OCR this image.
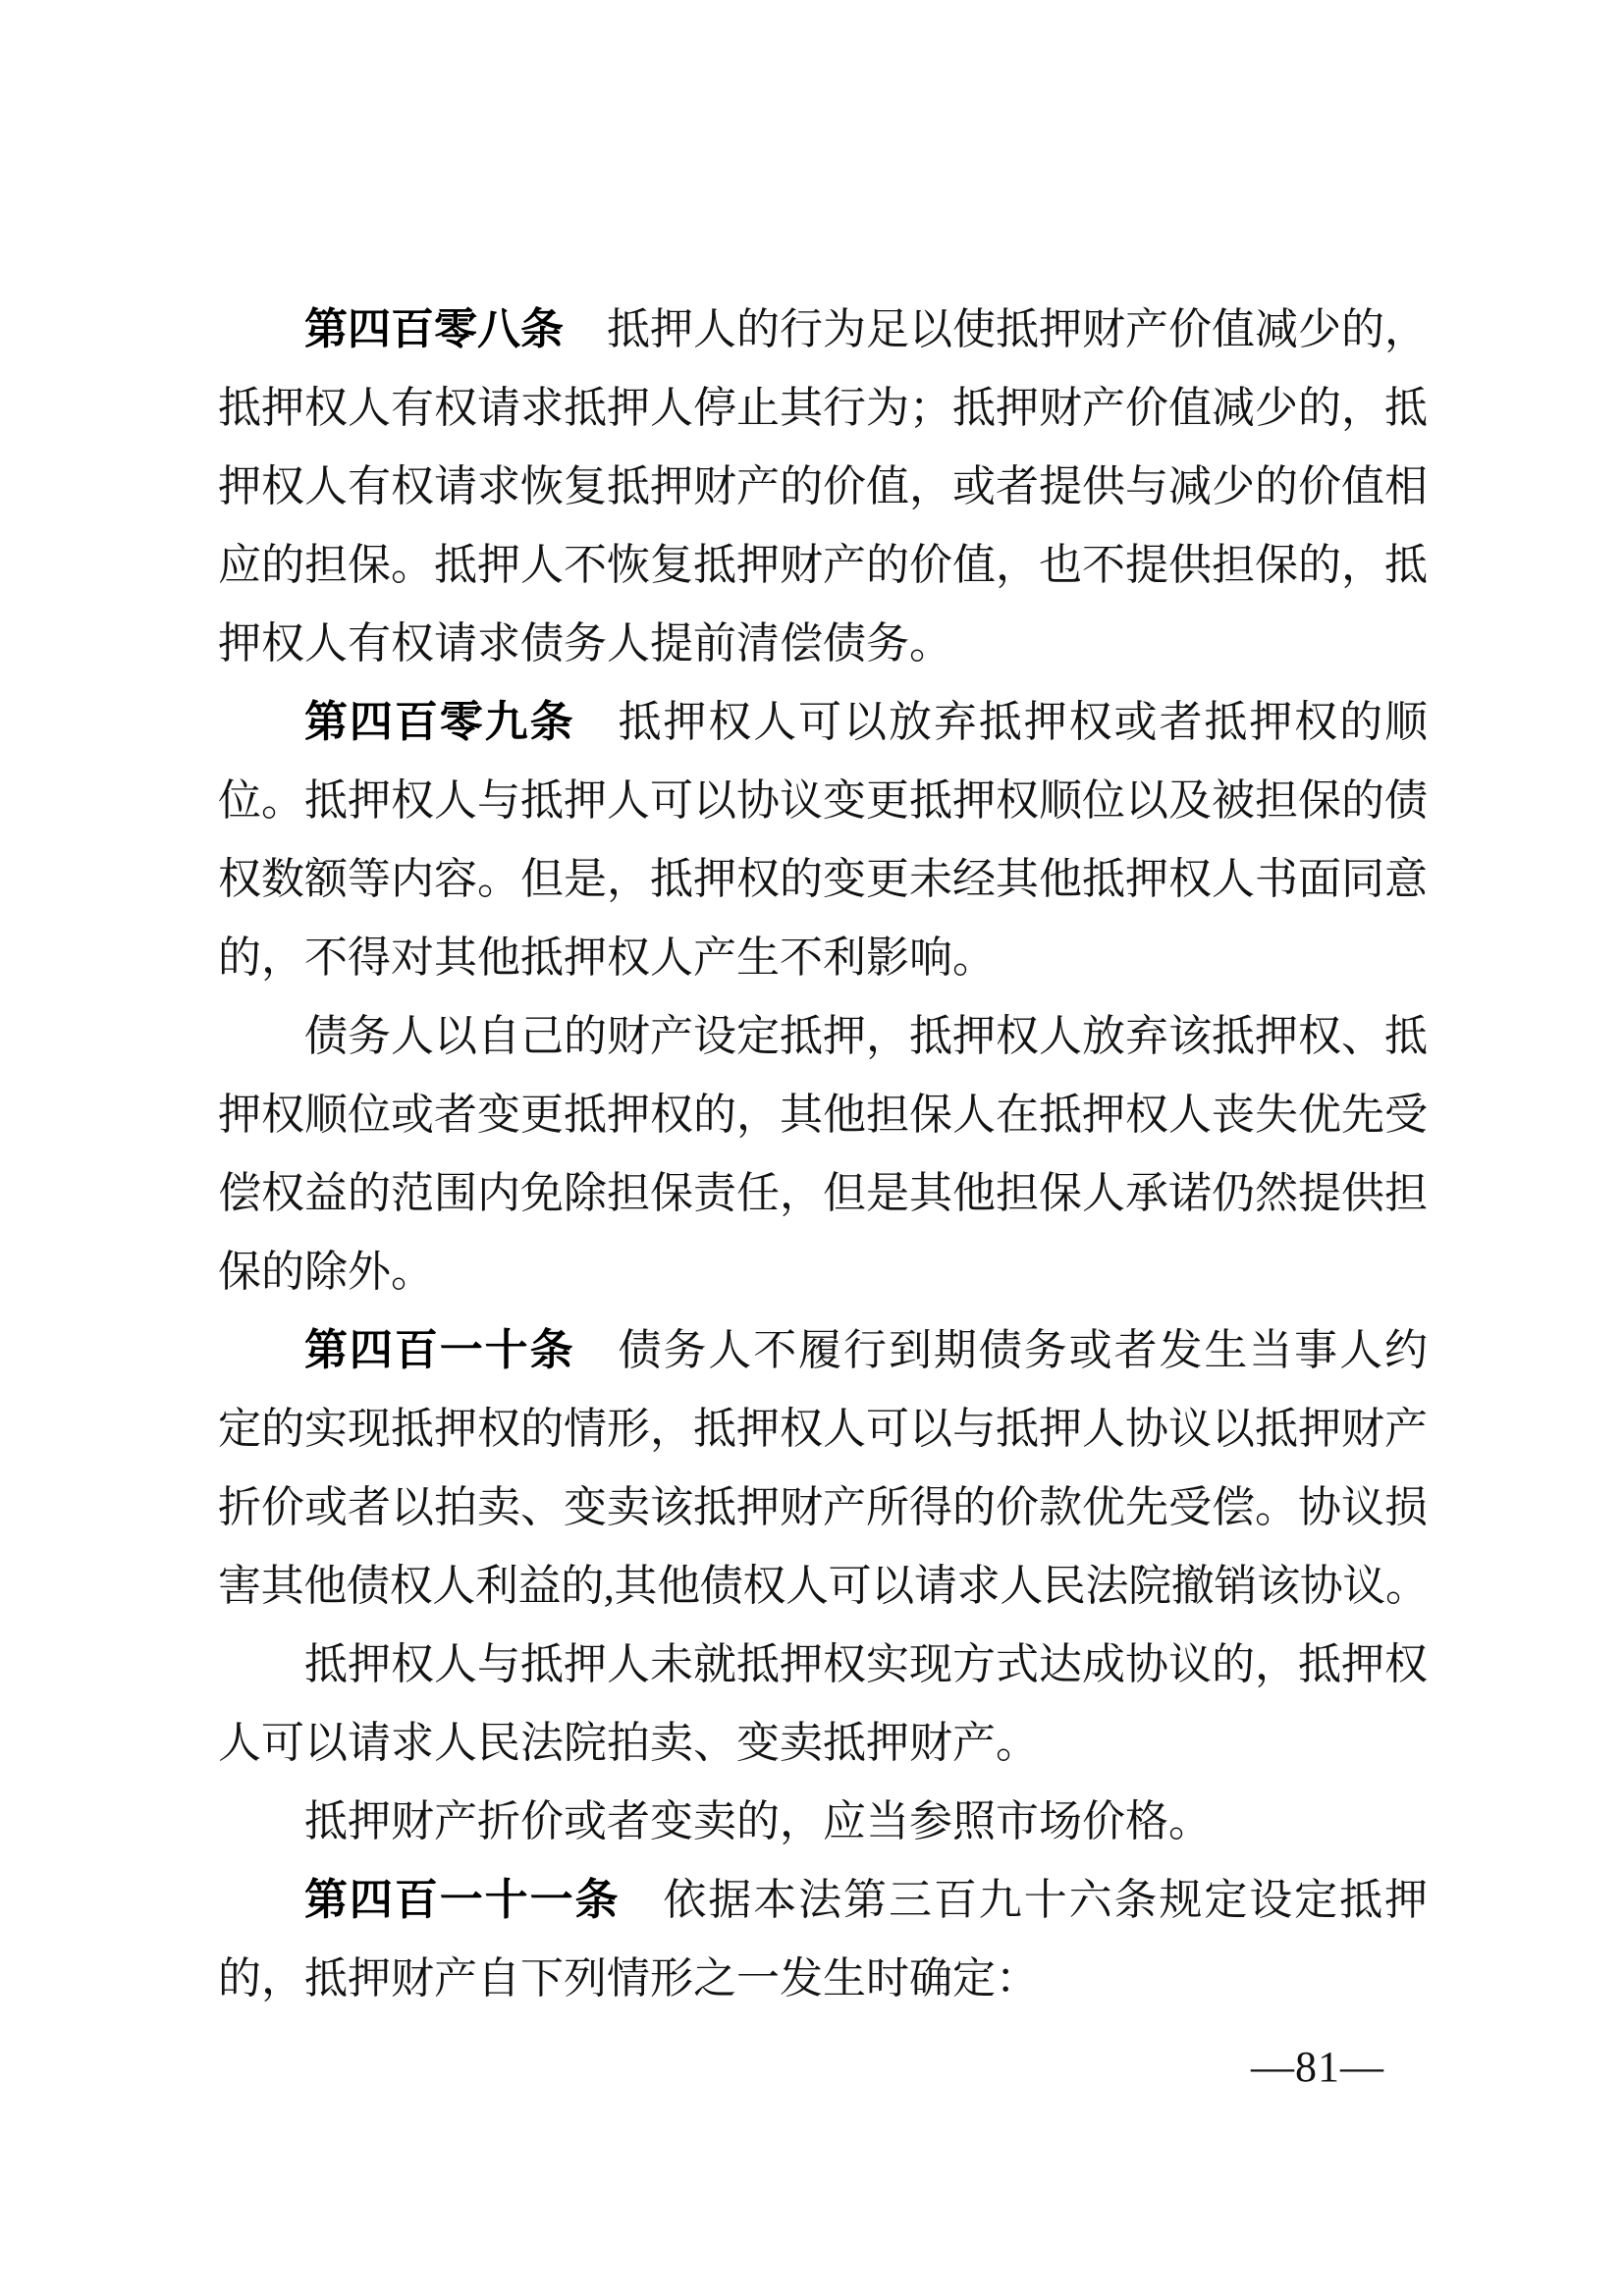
第四百零八条 抵押人的行为足以使抵押财产价值减少的，
抵押权人有权请求抵押人停止其行为；抵押财产价值减少的，抵
押权人有权请求恢复抵押财产的价值，或者提供与减少的价值相
应的担保。抵押人不恢复抵押财产的价值，也不提供担保的，抵
押权人有权请求债务人提前清偿债务。
第四百零九条 抵押权人可以放弃抵押权或者抵押权的顺
位。抵押权人与抵押人可以协议变更抵押权顺位以及被担保的债
权数额等内容。但是，抵押权的变更未经其他抵押权人书面同意
的，不得对其他抵押权人产生不利影响。
债务人以自己的财产设定抵押，抵押权人放弃该抵押权、抵
押权顺位或者变更抵押权的，其他担保人在抵押权人丧失优先受
偿权益的范围内免除担保责任，但是其他担保人承诺仍然提供担
保的除外。
第四百一十条 债务人不履行到期债务或者发生当事人约
定的实现抵押权的情形，抵押权人可以与抵押人协议以抵押财产
折价或者以拍卖、变卖该抵押财产所得的价款优先受偿。协议损
害其他债权人利益的,其他债权人可以请求人民法院撤销该协议。
抵押权人与抵押人未就抵押权实现方式达成协议的，抵押权
人可以请求人民法院拍卖、变卖抵押财产。
抵押财产折价或者变卖的，应当参照市场价格。
第四百一十一条 依据本法第三百九十六条规定设定抵押
的，抵押财产自下列情形之一发生时确定：
—81—
